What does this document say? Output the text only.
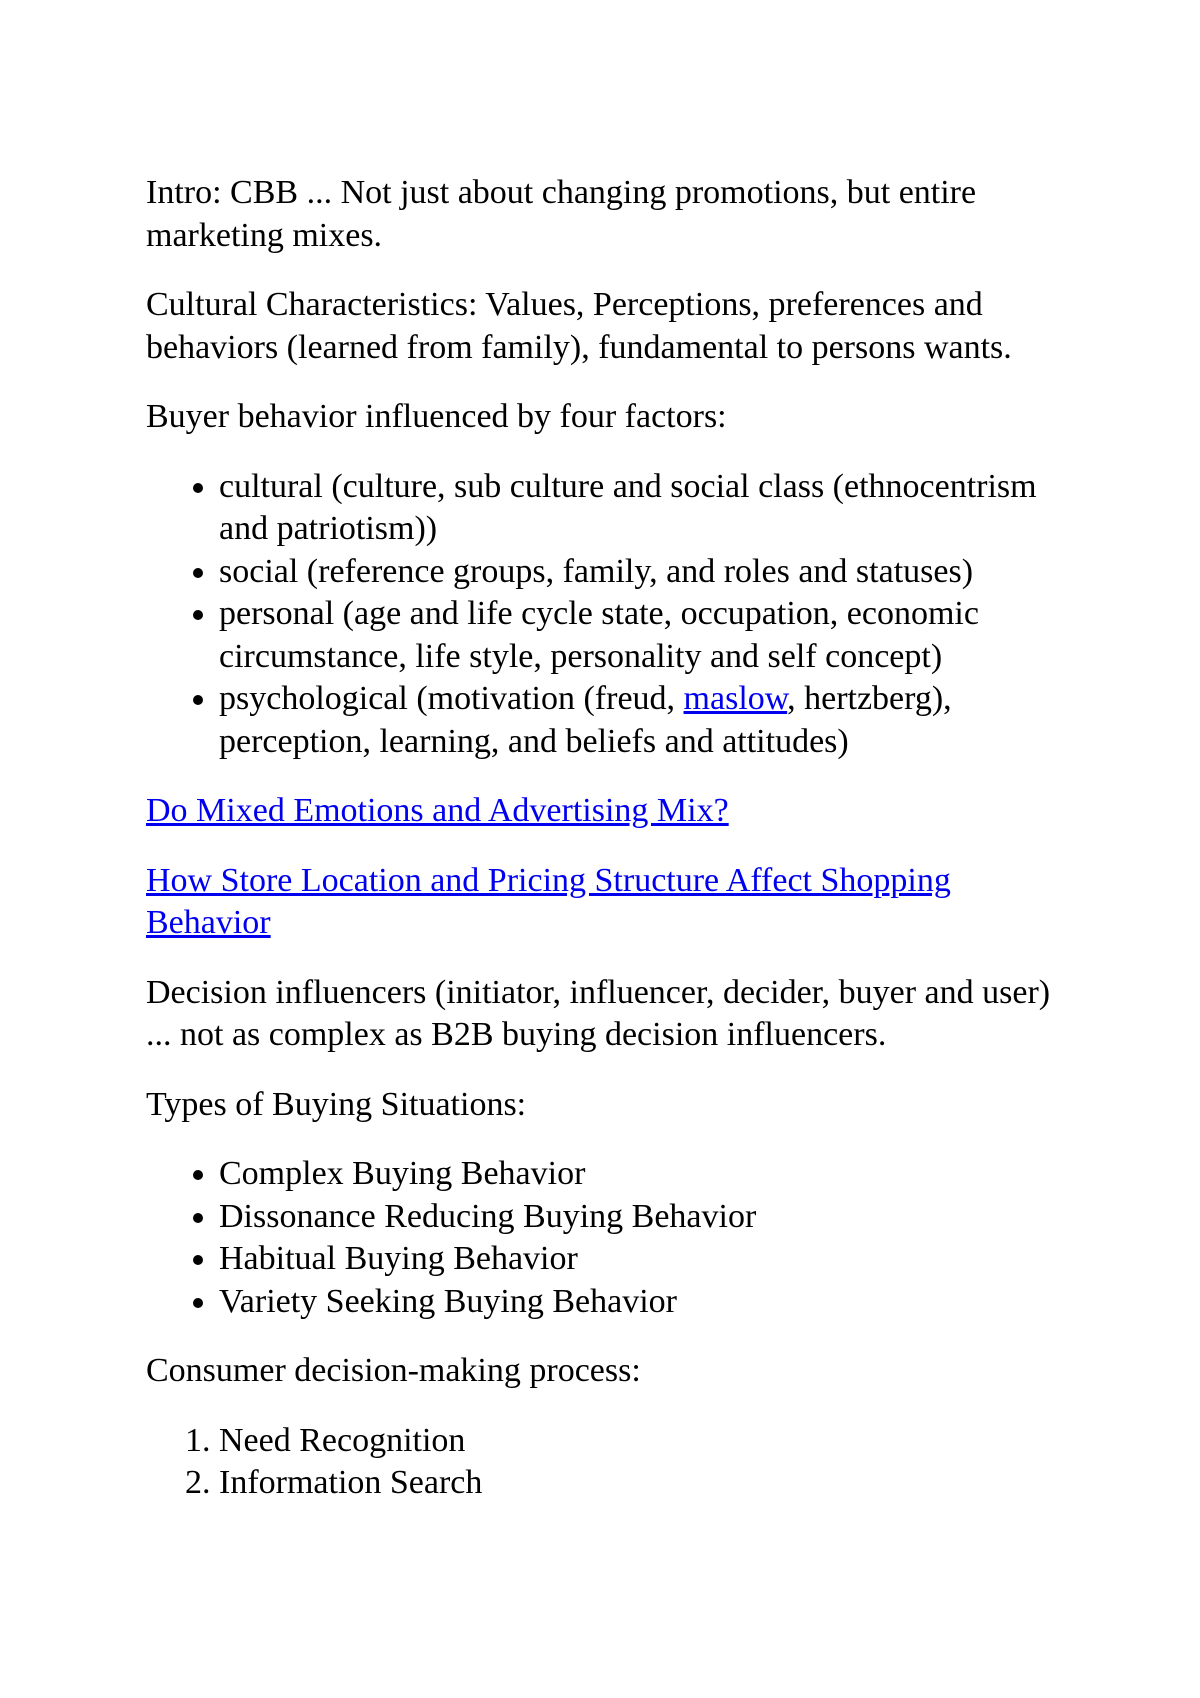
Intro: CBB ... Not just about changing promotions, but entire marketing mixes.

Cultural Characteristics: Values, Perceptions, preferences and behaviors (learned from family), fundamental to persons wants.

Buyer behavior influenced by four factors:

• cultural (culture, sub culture and social class (ethnocentrism and patriotism))
• social (reference groups, family, and roles and statuses)
• personal (age and life cycle state, occupation, economic circumstance, life style, personality and self concept)
• psychological (motivation (freud, maslow, hertzberg), perception, learning, and beliefs and attitudes)

Do Mixed Emotions and Advertising Mix?

How Store Location and Pricing Structure Affect Shopping Behavior

Decision influencers (initiator, influencer, decider, buyer and user) ... not as complex as B2B buying decision influencers.

Types of Buying Situations:

• Complex Buying Behavior
• Dissonance Reducing Buying Behavior
• Habitual Buying Behavior
• Variety Seeking Buying Behavior

Consumer decision-making process:

1. Need Recognition
2. Information Search
